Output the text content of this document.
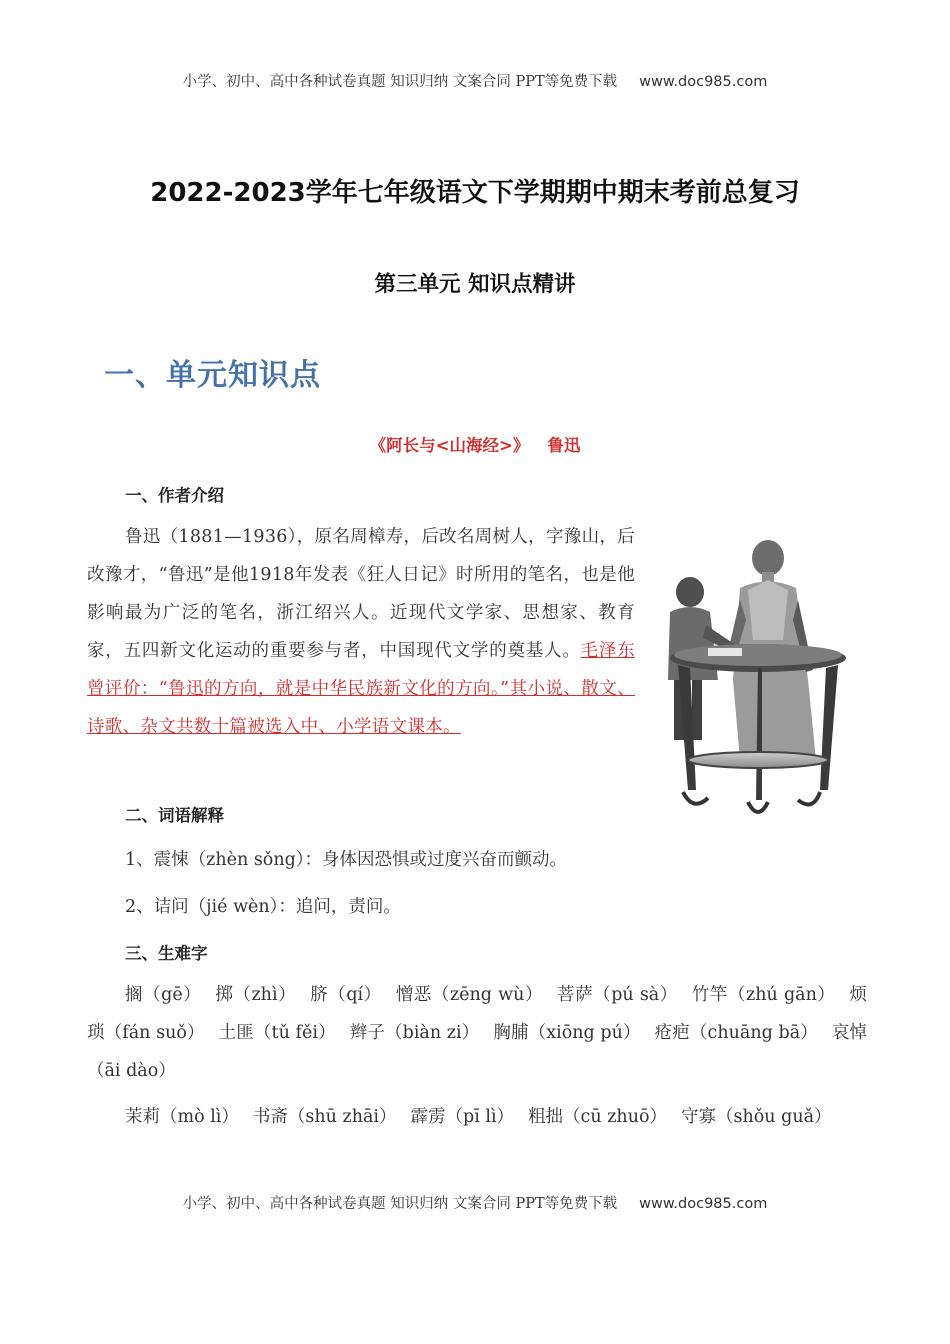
小学、初中、高中各种试卷真题 知识归纳 文案合同 PPT等免费下载 www.doc985.com
2022-2023学年七年级语文下学期期中期末考前总复习
第三单元 知识点精讲
一、单元知识点
《阿长与<山海经>》 鲁迅
一、作者介绍
鲁迅（1881—1936），原名周樟寿，后改名周树人，字豫山，后改豫才，“鲁迅”是他1918年发表《狂人日记》时所用的笔名，也是他影响最为广泛的笔名，浙江绍兴人。近现代文学家、思想家、教育家，五四新文化运动的重要参与者，中国现代文学的奠基人。毛泽东曾评价：“鲁迅的方向，就是中华民族新文化的方向。”其小说、散文、诗歌、杂文共数十篇被选入中、小学语文课本。
二、词语解释
1、震悚（zhèn sǒng）：身体因恐惧或过度兴奋而颤动。
2、诘问（jié wèn）：追问，责问。
三、生难字
搁（gē） 掷（zhì） 脐（qí） 憎恶（zēng wù） 菩萨（pú sà） 竹竿（zhú gān） 烦琐（fán suǒ） 土匪（tǔ fěi） 辫子（biàn zi） 胸脯（xiōng pú） 疮疤（chuāng bā） 哀悼（āi dào）
茉莉（mò lì） 书斋（shū zhāi） 霹雳（pī lì） 粗拙（cū zhuō） 守寡（shǒu guǎ）
小学、初中、高中各种试卷真题 知识归纳 文案合同 PPT等免费下载 www.doc985.com
